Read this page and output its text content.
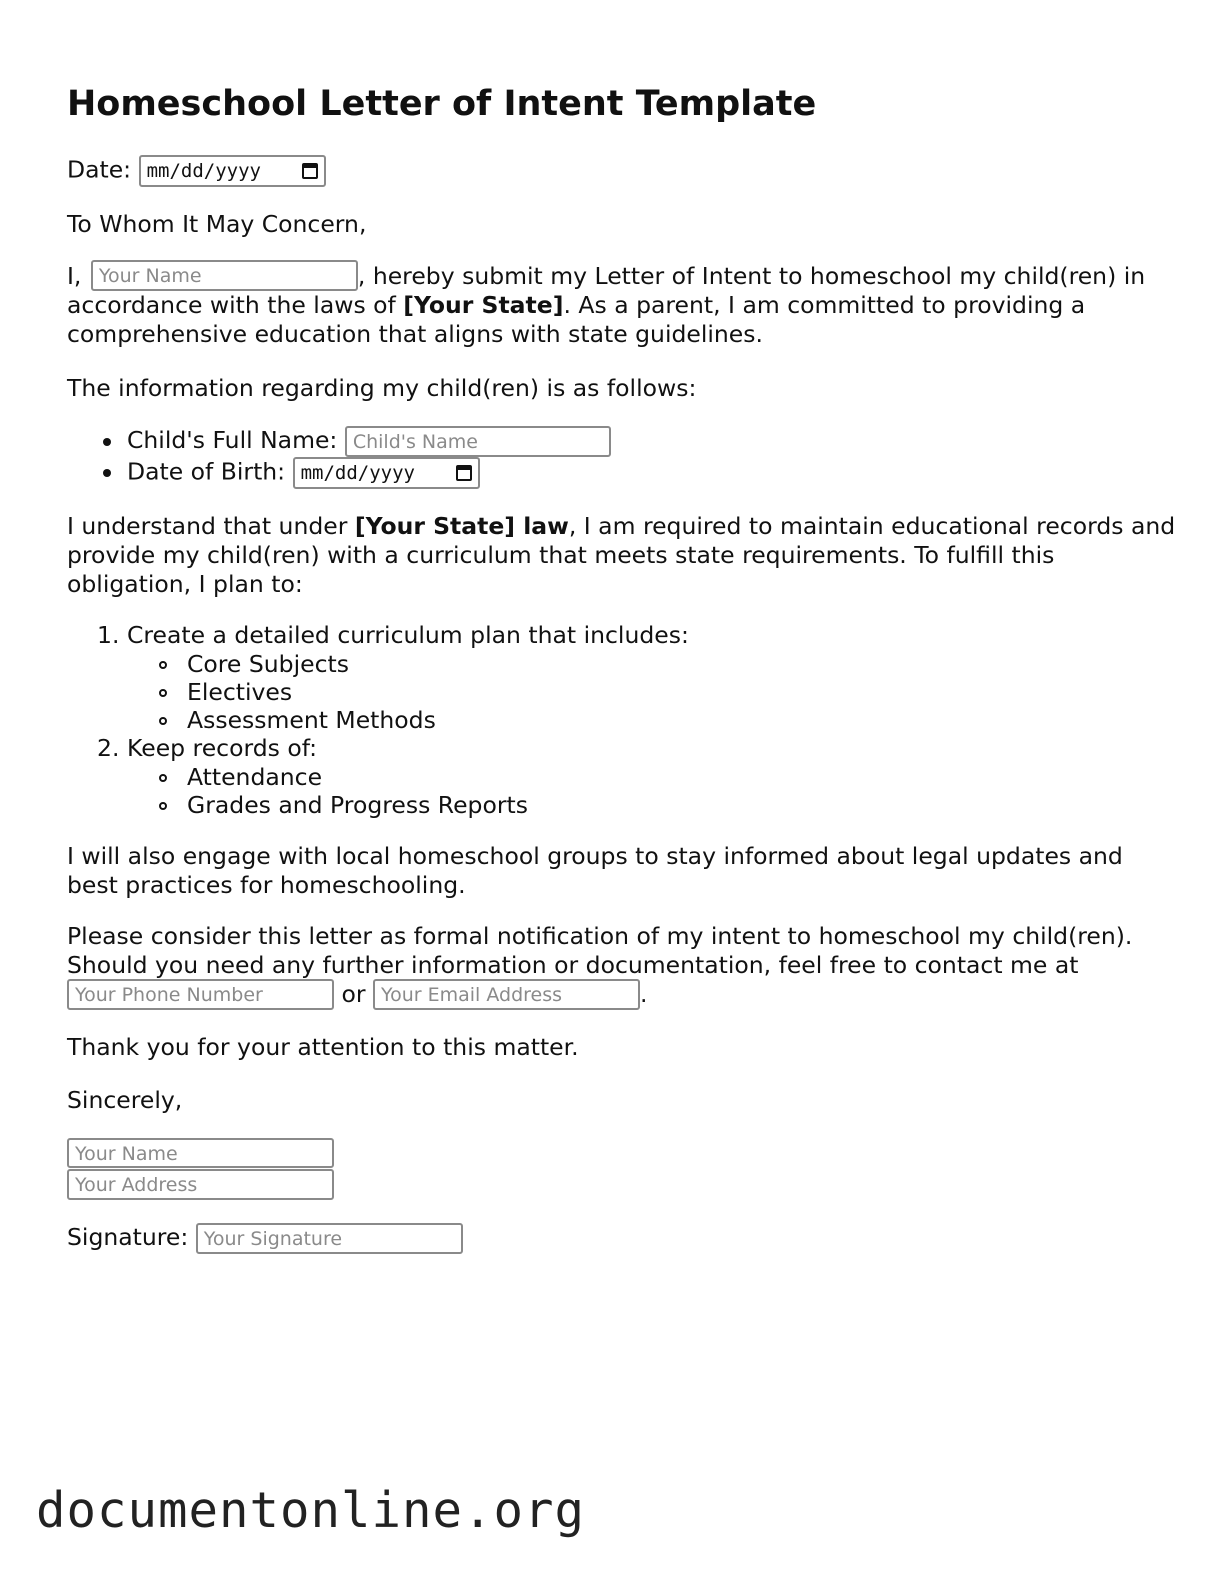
Homeschool Letter of Intent Template
Date: mm/dd/yyyy
To Whom It May Concern,
I, Your Name	, hereby submit my Letter of Intent to homeschool my child(ren) in accordance with the laws of [Your State]. As a parent, I am committed to providing a comprehensive education that aligns with state guidelines.
The information regarding my child(ren) is as follows:
Child's Full Name: Child's Name
Date of Birth: mm/dd/yyyy
I understand that under [Your State] law, I am required to maintain educational records and provide my child(ren) with a curriculum that meets state requirements. To fulfill this obligation, I plan to:
1. Create a detailed curriculum plan that includes:
Core Subjects
Electives
Assessment Methods
2. Keep records of:
Attendance
Grades and Progress Reports
I will also engage with local homeschool groups to stay informed about legal updates and best practices for homeschooling.
Please consider this letter as formal notification of my intent to homeschool my child(ren). Should you need any further information or documentation, feel free to contact me at
Your Phone Number	or Your Email Address	.
Thank you for your attention to this matter.
Sincerely,
Your Name
Your Address
Signature: Your Signature
documentonline.org
